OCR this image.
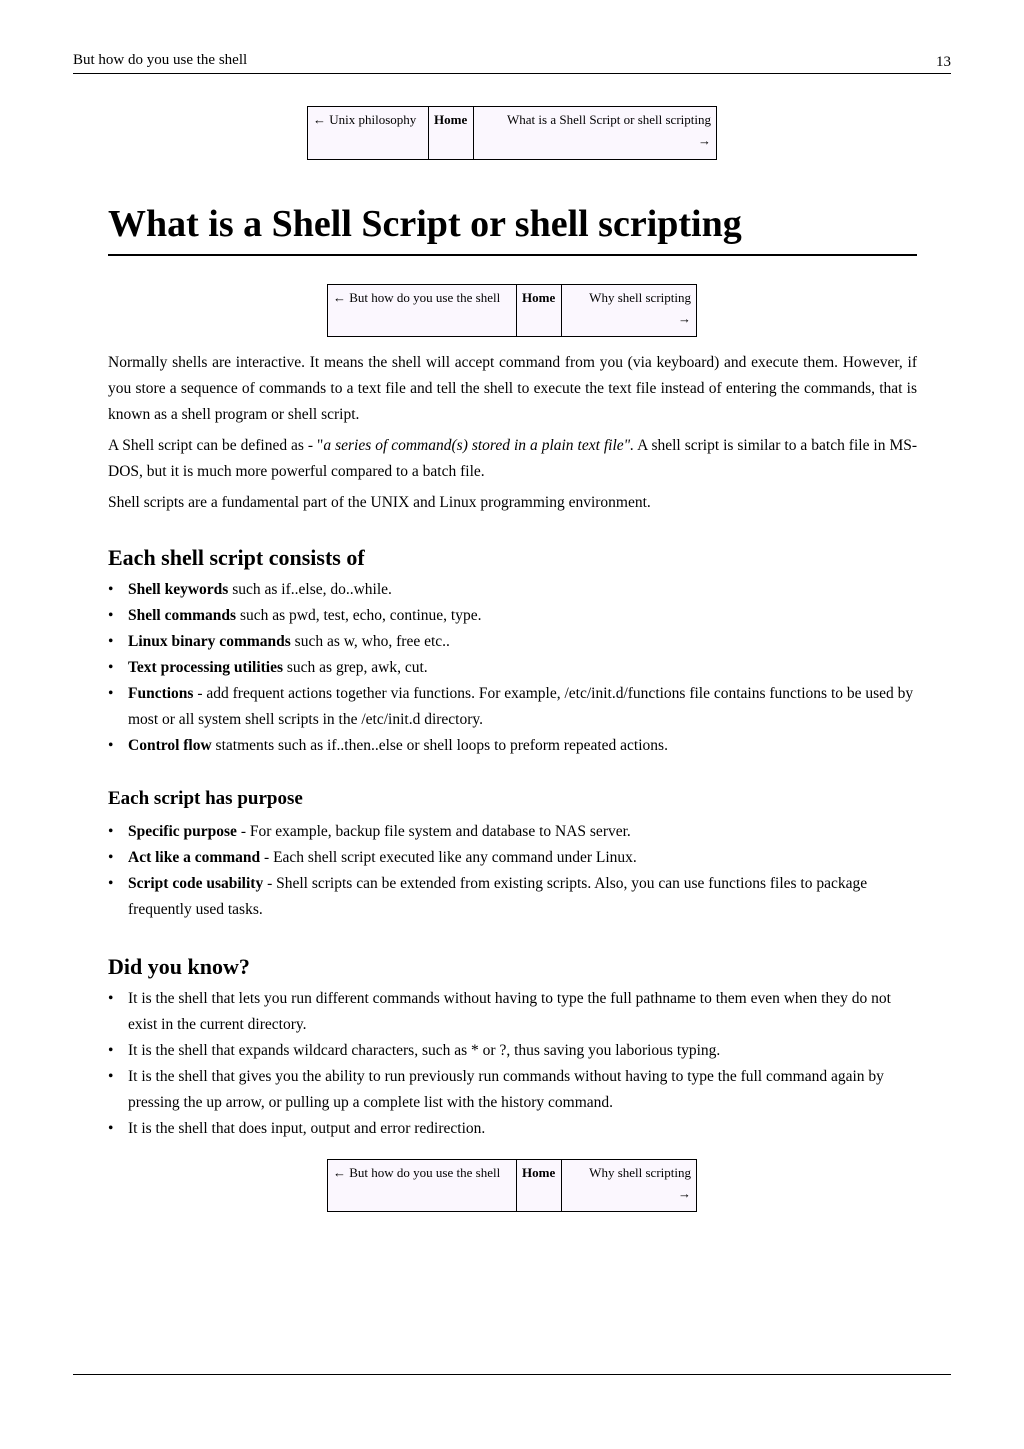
But how do you use the shell	13
← Unix philosophy	Home	What is a Shell Script or shell scripting
→
What is a Shell Script or shell scripting
← But how do you use the shell	Home	Why shell scripting
→

Normally shells are interactive. It means the shell will accept command from you (via keyboard) and execute them. However, if you store a sequence of commands to a text file and tell the shell to execute the text file instead of entering the commands, that is known as a shell program or shell script.

A Shell script can be defined as - "a series of command(s) stored in a plain text file". A shell script is similar to a batch file in MS-DOS, but it is much more powerful compared to a batch file.

Shell scripts are a fundamental part of the UNIX and Linux programming environment.

Each shell script consists of
• Shell keywords such as if..else, do..while.
• Shell commands such as pwd, test, echo, continue, type.
• Linux binary commands such as w, who, free etc..
• Text processing utilities such as grep, awk, cut.
• Functions - add frequent actions together via functions. For example, /etc/init.d/functions file contains functions to be used by most or all system shell scripts in the /etc/init.d directory.
• Control flow statments such as if..then..else or shell loops to preform repeated actions.
Each script has purpose
• Specific purpose - For example, backup file system and database to NAS server.
• Act like a command - Each shell script executed like any command under Linux.
• Script code usability - Shell scripts can be extended from existing scripts. Also, you can use functions files to package frequently used tasks.
Did you know?
• It is the shell that lets you run different commands without having to type the full pathname to them even when they do not exist in the current directory.
• It is the shell that expands wildcard characters, such as * or ?, thus saving you laborious typing.
• It is the shell that gives you the ability to run previously run commands without having to type the full command again by pressing the up arrow, or pulling up a complete list with the history command.
• It is the shell that does input, output and error redirection.
← But how do you use the shell	Home	Why shell scripting
→
